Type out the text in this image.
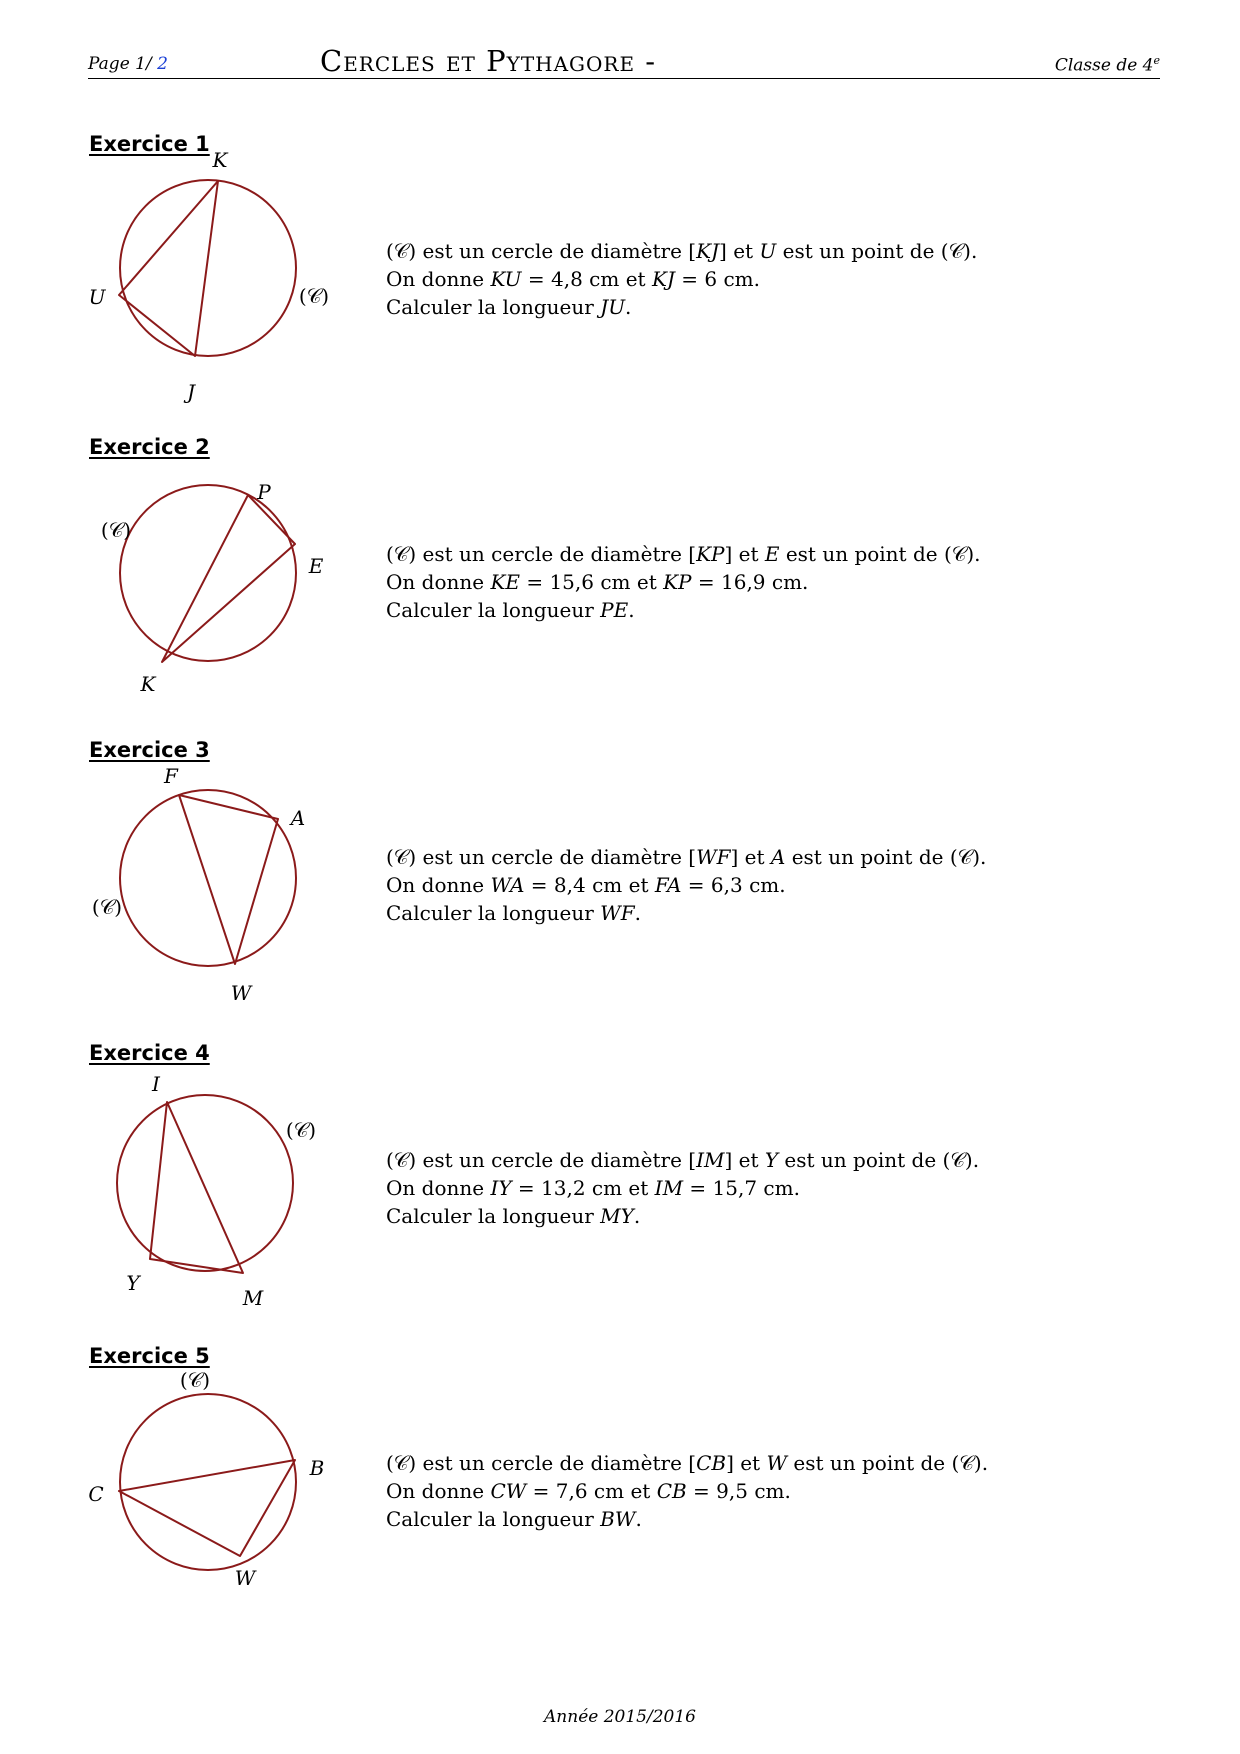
Page 1/ 2	Cercles et Pythagore -	Classe de 4e
Exercice 1
K
U
J
(𝒞)
(𝒞) est un cercle de diamètre [KJ] et U est un point de (𝒞).
On donne KU = 4,8 cm et KJ = 6 cm.
Calculer la longueur JU.
Exercice 2
P
E
K
(𝒞)
(𝒞) est un cercle de diamètre [KP] et E est un point de (𝒞).
On donne KE = 15,6 cm et KP = 16,9 cm.
Calculer la longueur PE.
Exercice 3
F
A
W
(𝒞)
(𝒞) est un cercle de diamètre [WF] et A est un point de (𝒞).
On donne WA = 8,4 cm et FA = 6,3 cm.
Calculer la longueur WF.
Exercice 4
I
Y
M
(𝒞)
(𝒞) est un cercle de diamètre [IM] et Y est un point de (𝒞).
On donne IY = 13,2 cm et IM = 15,7 cm.
Calculer la longueur MY.
Exercice 5
C
B
W
(𝒞)
(𝒞) est un cercle de diamètre [CB] et W est un point de (𝒞).
On donne CW = 7,6 cm et CB = 9,5 cm.
Calculer la longueur BW.
Année 2015/2016
